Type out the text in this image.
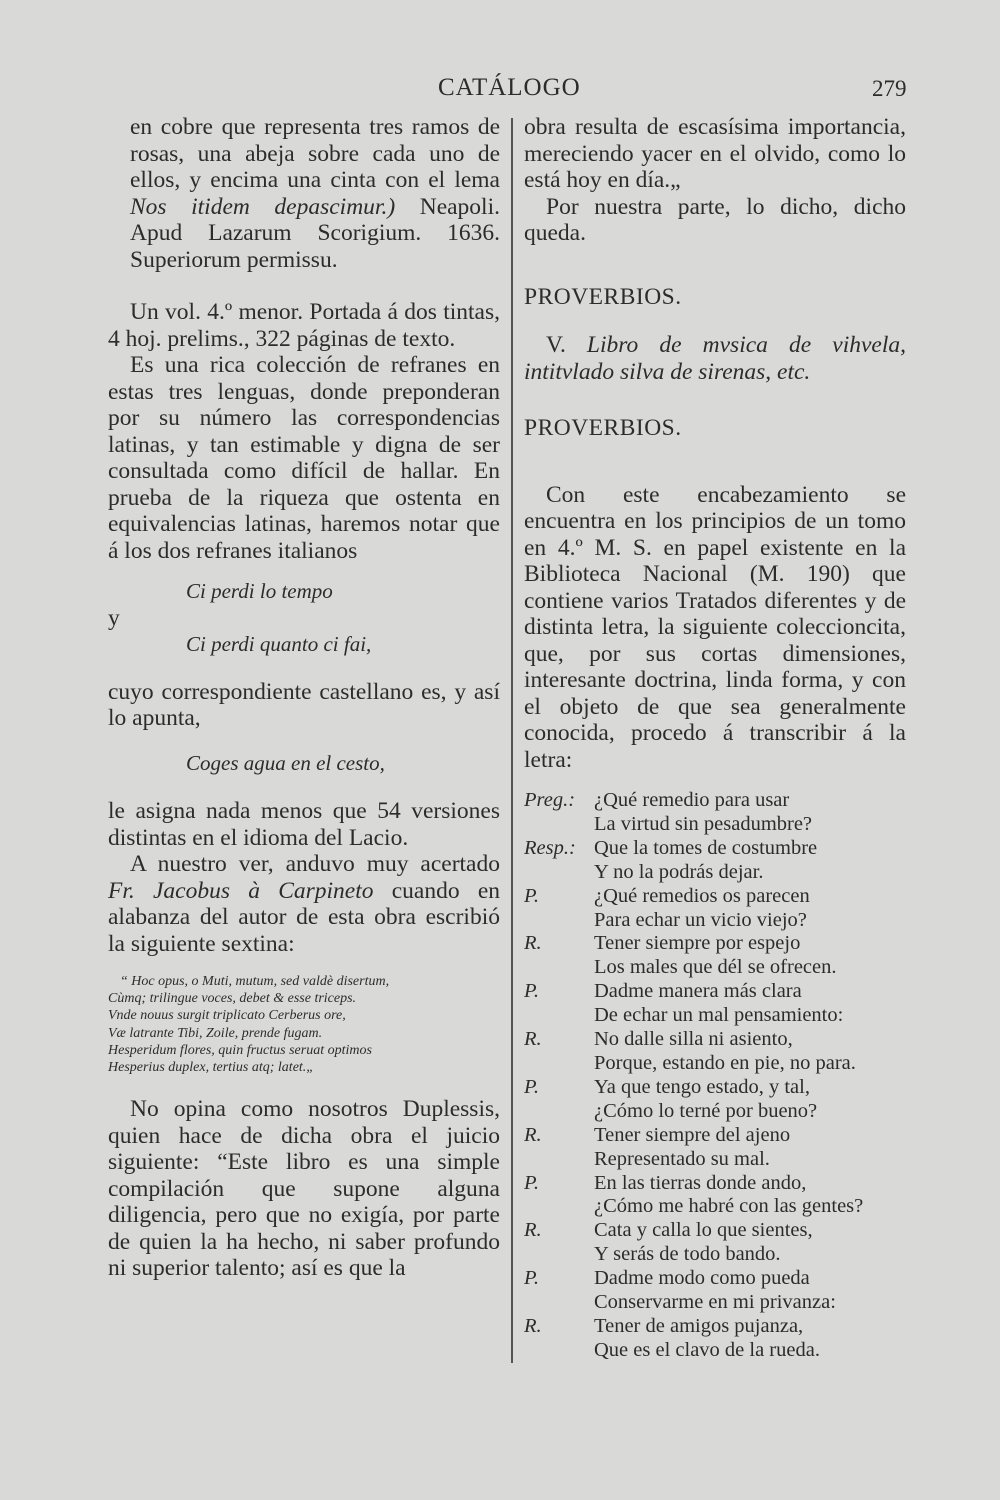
CATÁLOGO	279

en cobre que representa tres ramos de rosas, una abeja sobre cada uno de ellos, y encima una cinta con el lema Nos itidem depascimur.) Neapoli. Apud Lazarum Scorigium. 1636. Superiorum permissu.

Un vol. 4.º menor. Portada á dos tintas, 4 hoj. prelims., 322 páginas de texto.

Es una rica colección de refranes en estas tres lenguas, donde preponderan por su número las correspondencias latinas, y tan estimable y digna de ser consultada como difícil de hallar. En prueba de la riqueza que ostenta en equivalencias latinas, haremos notar que á los dos refranes italianos

Ci perdi lo tempo

y

Ci perdi quanto ci fai,

cuyo correspondiente castellano es, y así lo apunta,

Coges agua en el cesto,

le asigna nada menos que 54 versiones distintas en el idioma del Lacio.

A nuestro ver, anduvo muy acertado Fr. Jacobus à Carpineto cuando en alabanza del autor de esta obra escribió la siguiente sextina:

“ Hoc opus, o Muti, mutum, sed valdè disertum,

Cùmq; trilingue voces, debet & esse triceps.

Vnde nouus surgit triplicato Cerberus ore,

Væ latrante Tibi, Zoile, prende fugam.

Hesperidum flores, quin fructus seruat optimos

Hesperius duplex, tertius atq; latet.„

No opina como nosotros Duplessis, quien hace de dicha obra el juicio siguiente: “Este libro es una simple compilación que supone alguna diligencia, pero que no exigía, por parte de quien la ha hecho, ni saber profundo ni superior talento; así es que la

obra resulta de escasísima importancia, mereciendo yacer en el olvido, como lo está hoy en día.„

Por nuestra parte, lo dicho, dicho queda.

PROVERBIOS.

V. Libro de mvsica de vihvela, intitvlado silva de sirenas, etc.

PROVERBIOS.

Con este encabezamiento se encuentra en los principios de un tomo en 4.º M. S. en papel existente en la Biblioteca Nacional (M. 190) que contiene varios Tratados diferentes y de distinta letra, la siguiente coleccioncita, que, por sus cortas dimensiones, interesante doctrina, linda forma, y con el objeto de que sea generalmente conocida, procedo á transcribir á la letra:

Preg.:	¿Qué remedio para usar
	La virtud sin pesadumbre?
Resp.:	Que la tomes de costumbre
	Y no la podrás dejar.
P.	¿Qué remedios os parecen
	Para echar un vicio viejo?
R.	Tener siempre por espejo
	Los males que dél se ofrecen.
P.	Dadme manera más clara
	De echar un mal pensamiento:
R.	No dalle silla ni asiento,
	Porque, estando en pie, no para.
P.	Ya que tengo estado, y tal,
	¿Cómo lo terné por bueno?
R.	Tener siempre del ajeno
	Representado su mal.
P.	En las tierras donde ando,
	¿Cómo me habré con las gentes?
R.	Cata y calla lo que sientes,
	Y serás de todo bando.
P.	Dadme modo como pueda
	Conservarme en mi privanza:
R.	Tener de amigos pujanza,
	Que es el clavo de la rueda.
